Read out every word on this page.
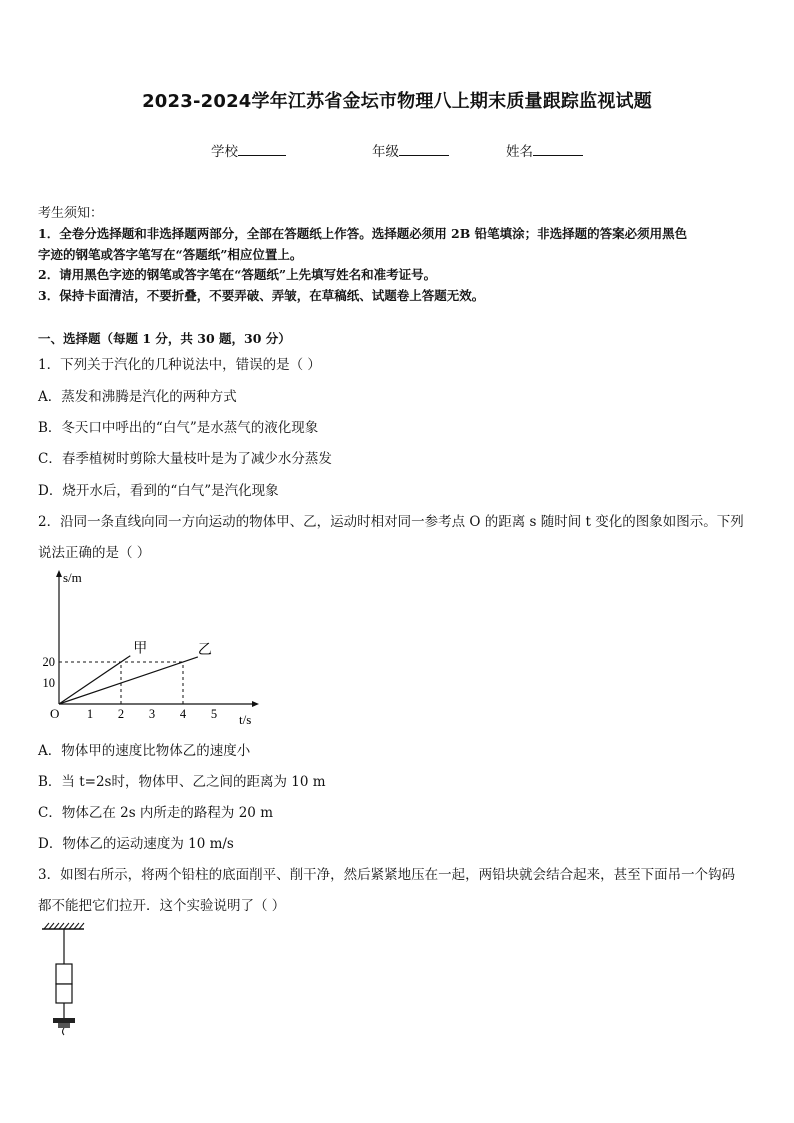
2023-2024学年江苏省金坛市物理八上期末质量跟踪监视试题
学校	年级	姓名
考生须知：
1．全卷分选择题和非选择题两部分，全部在答题纸上作答。选择题必须用 2B 铅笔填涂；非选择题的答案必须用黑色
字迹的钢笔或答字笔写在“答题纸”相应位置上。
2．请用黑色字迹的钢笔或答字笔在“答题纸”上先填写姓名和准考证号。
3．保持卡面清洁，不要折叠，不要弄破、弄皱，在草稿纸、试题卷上答题无效。
一、选择题（每题 1 分，共 30 题，30 分）
1．下列关于汽化的几种说法中，错误的是（ ）
A．蒸发和沸腾是汽化的两种方式
B．冬天口中呼出的“白气”是水蒸气的液化现象
C．春季植树时剪除大量枝叶是为了减少水分蒸发
D．烧开水后，看到的“白气”是汽化现象
2．沿同一条直线向同一方向运动的物体甲、乙，运动时相对同一参考点 O 的距离 s 随时间 t 变化的图象如图示。下列
说法正确的是（ ）
s/m
t/s
O 1 2 3 4 5
10
20
甲	乙
A．物体甲的速度比物体乙的速度小
B．当 t=2s时，物体甲、乙之间的距离为 10 m
C．物体乙在 2s 内所走的路程为 20 m
D．物体乙的运动速度为 10 m/s
3．如图右所示，将两个铅柱的底面削平、削干净，然后紧紧地压在一起，两铅块就会结合起来，甚至下面吊一个钩码
都不能把它们拉开．这个实验说明了（ ）
